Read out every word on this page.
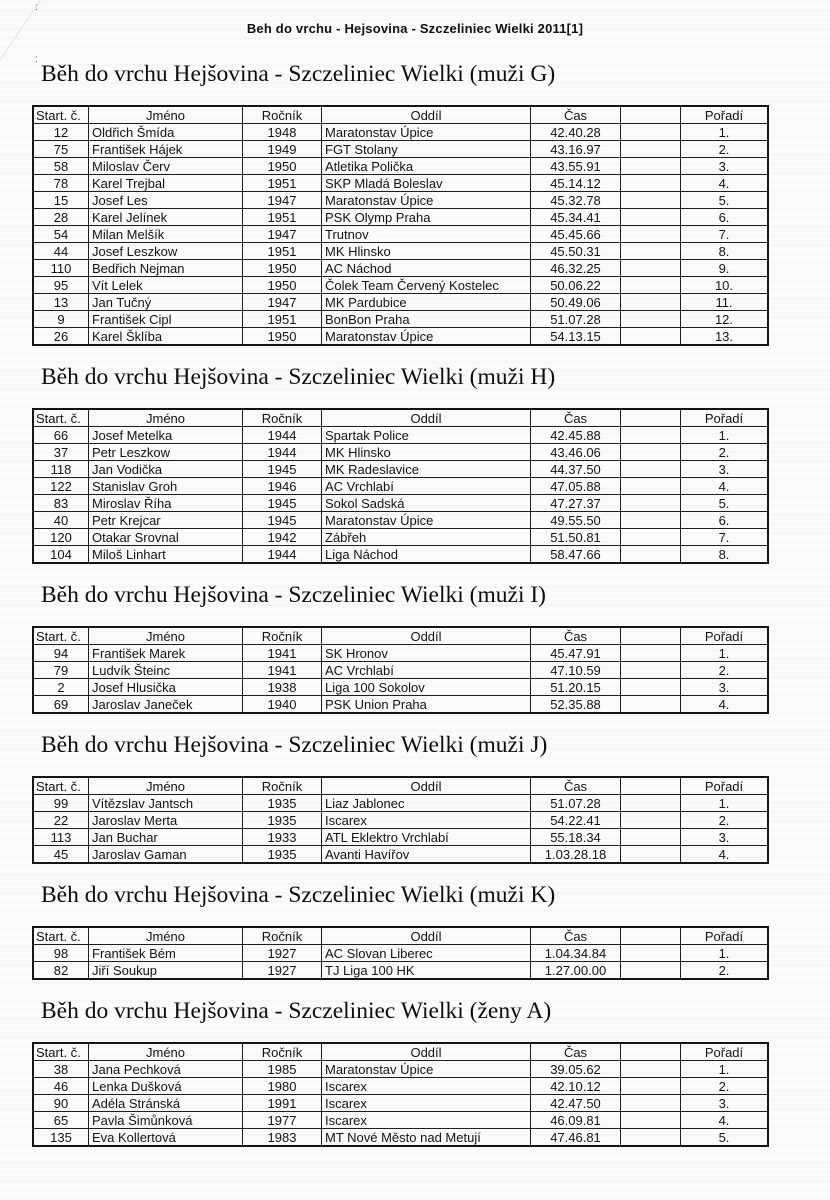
:
:
Beh do vrchu - Hejsovina - Szczeliniec Wielki 2011[1]
Běh do vrchu Hejšovina - Szczeliniec Wielki (muži G)
Start. č.	Jméno	Ročník	Oddíl	Čas		Pořadí
12	Oldřich Šmída	1948	Maratonstav Úpice	42.40.28		1.
75	František Hájek	1949	FGT Stolany	43.16.97		2.
58	Miloslav Červ	1950	Atletika Polička	43.55.91		3.
78	Karel Trejbal	1951	SKP Mladá Boleslav	45.14.12		4.
15	Josef Les	1947	Maratonstav Úpice	45.32.78		5.
28	Karel Jelínek	1951	PSK Olymp Praha	45.34.41		6.
54	Milan Melšík	1947	Trutnov	45.45.66		7.
44	Josef Leszkow	1951	MK Hlinsko	45.50.31		8.
110	Bedřich Nejman	1950	AC Náchod	46.32.25		9.
95	Vít Lelek	1950	Čolek Team Červený Kostelec	50.06.22		10.
13	Jan Tučný	1947	MK Pardubice	50.49.06		11.
9	František Cipl	1951	BonBon Praha	51.07.28		12.
26	Karel Šklíba	1950	Maratonstav Úpice	54.13.15		13.
Běh do vrchu Hejšovina - Szczeliniec Wielki (muži H)
Start. č.	Jméno	Ročník	Oddíl	Čas		Pořadí
66	Josef Metelka	1944	Spartak Police	42.45.88		1.
37	Petr Leszkow	1944	MK Hlinsko	43.46.06		2.
118	Jan Vodička	1945	MK Radeslavice	44.37.50		3.
122	Stanislav Groh	1946	AC Vrchlabí	47.05.88		4.
83	Miroslav Říha	1945	Sokol Sadská	47.27.37		5.
40	Petr Krejcar	1945	Maratonstav Úpice	49.55.50		6.
120	Otakar Srovnal	1942	Zábřeh	51.50.81		7.
104	Miloš Linhart	1944	Liga Náchod	58.47.66		8.
Běh do vrchu Hejšovina - Szczeliniec Wielki (muži I)
Start. č.	Jméno	Ročník	Oddíl	Čas		Pořadí
94	František Marek	1941	SK Hronov	45.47.91		1.
79	Ludvík Šteinc	1941	AC Vrchlabí	47.10.59		2.
2	Josef Hlusička	1938	Liga 100 Sokolov	51.20.15		3.
69	Jaroslav Janeček	1940	PSK Union Praha	52.35.88		4.
Běh do vrchu Hejšovina - Szczeliniec Wielki (muži J)
Start. č.	Jméno	Ročník	Oddíl	Čas		Pořadí
99	Vítězslav Jantsch	1935	Liaz Jablonec	51.07.28		1.
22	Jaroslav Merta	1935	Iscarex	54.22.41		2.
113	Jan Buchar	1933	ATL Eklektro Vrchlabí	55.18.34		3.
45	Jaroslav Gaman	1935	Avanti Havířov	1.03.28.18		4.
Běh do vrchu Hejšovina - Szczeliniec Wielki (muži K)
Start. č.	Jméno	Ročník	Oddíl	Čas		Pořadí
98	František Bém	1927	AC Slovan Liberec	1.04.34.84		1.
82	Jiří Soukup	1927	TJ Liga 100 HK	1.27.00.00		2.
Běh do vrchu Hejšovina - Szczeliniec Wielki (ženy A)
Start. č.	Jméno	Ročník	Oddíl	Čas		Pořadí
38	Jana Pechková	1985	Maratonstav Úpice	39.05.62		1.
46	Lenka Dušková	1980	Iscarex	42.10.12		2.
90	Adéla Stránská	1991	Iscarex	42.47.50		3.
65	Pavla Šimůnková	1977	Iscarex	46.09.81		4.
135	Eva Kollertová	1983	MT Nové Město nad Metují	47.46.81		5.
